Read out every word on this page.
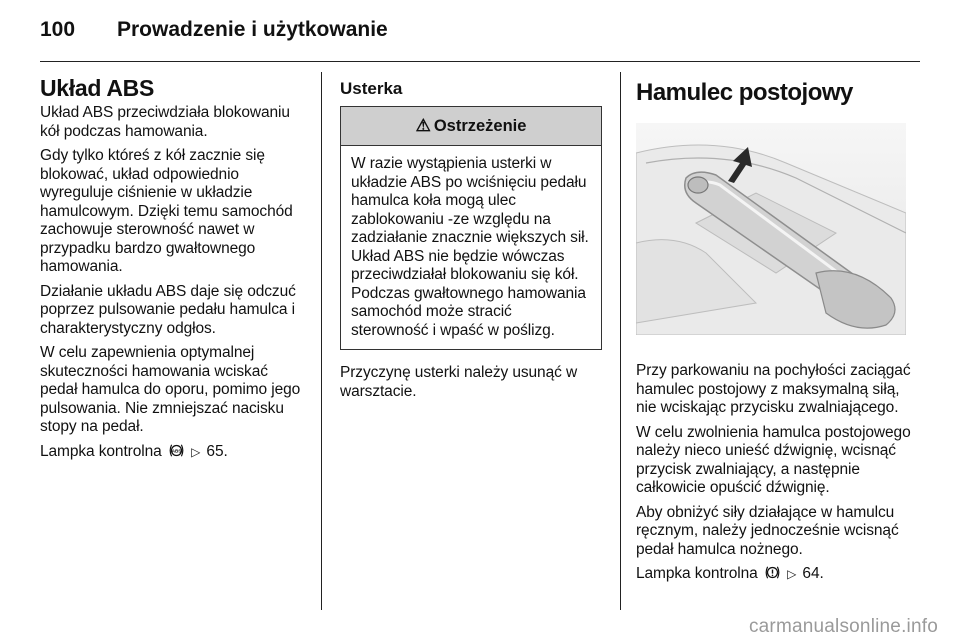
100 Prowadzenie i użytkowanie
Układ ABS

Układ ABS przeciwdziała blokowaniu kół podczas hamowania.

Gdy tylko któreś z kół zacznie się blokować, układ odpowiednio wyreguluje ciśnienie w układzie hamulcowym. Dzięki temu samochód zachowuje sterowność nawet w przypadku bardzo gwałtownego hamowania.

Działanie układu ABS daje się odczuć poprzez pulsowanie pedału hamulca i charakterystyczny odgłos.

W celu zapewnienia optymalnej skuteczności hamowania wciskać pedał hamulca do oporu, pomimo jego pulsowania. Nie zmniejszać nacisku stopy na pedał.

Lampka kontrolna ABS ▷ 65.

Usterka
⚠ Ostrzeżenie
W razie wystąpienia usterki w układzie ABS po wciśnięciu pedału hamulca koła mogą ulec zablokowaniu -ze względu na zadziałanie znacznie większych sił. Układ ABS nie będzie wówczas przeciwdziałał blokowaniu się kół. Podczas gwałtownego hamowania samochód może stracić sterowność i wpaść w poślizg.

Przyczynę usterki należy usunąć w warsztacie.

Hamulec postojowy

Przy parkowaniu na pochyłości zaciągać hamulec postojowy z maksymalną siłą, nie wciskając przycisku zwalniającego.

W celu zwolnienia hamulca postojowego należy nieco unieść dźwignię, wcisnąć przycisk zwalniający, a następnie całkowicie opuścić dźwignię.

Aby obniżyć siły działające w hamulcu ręcznym, należy jednocześnie wcisnąć pedał hamulca nożnego.

Lampka kontrolna ▷ 64.

carmanualsonline.info
